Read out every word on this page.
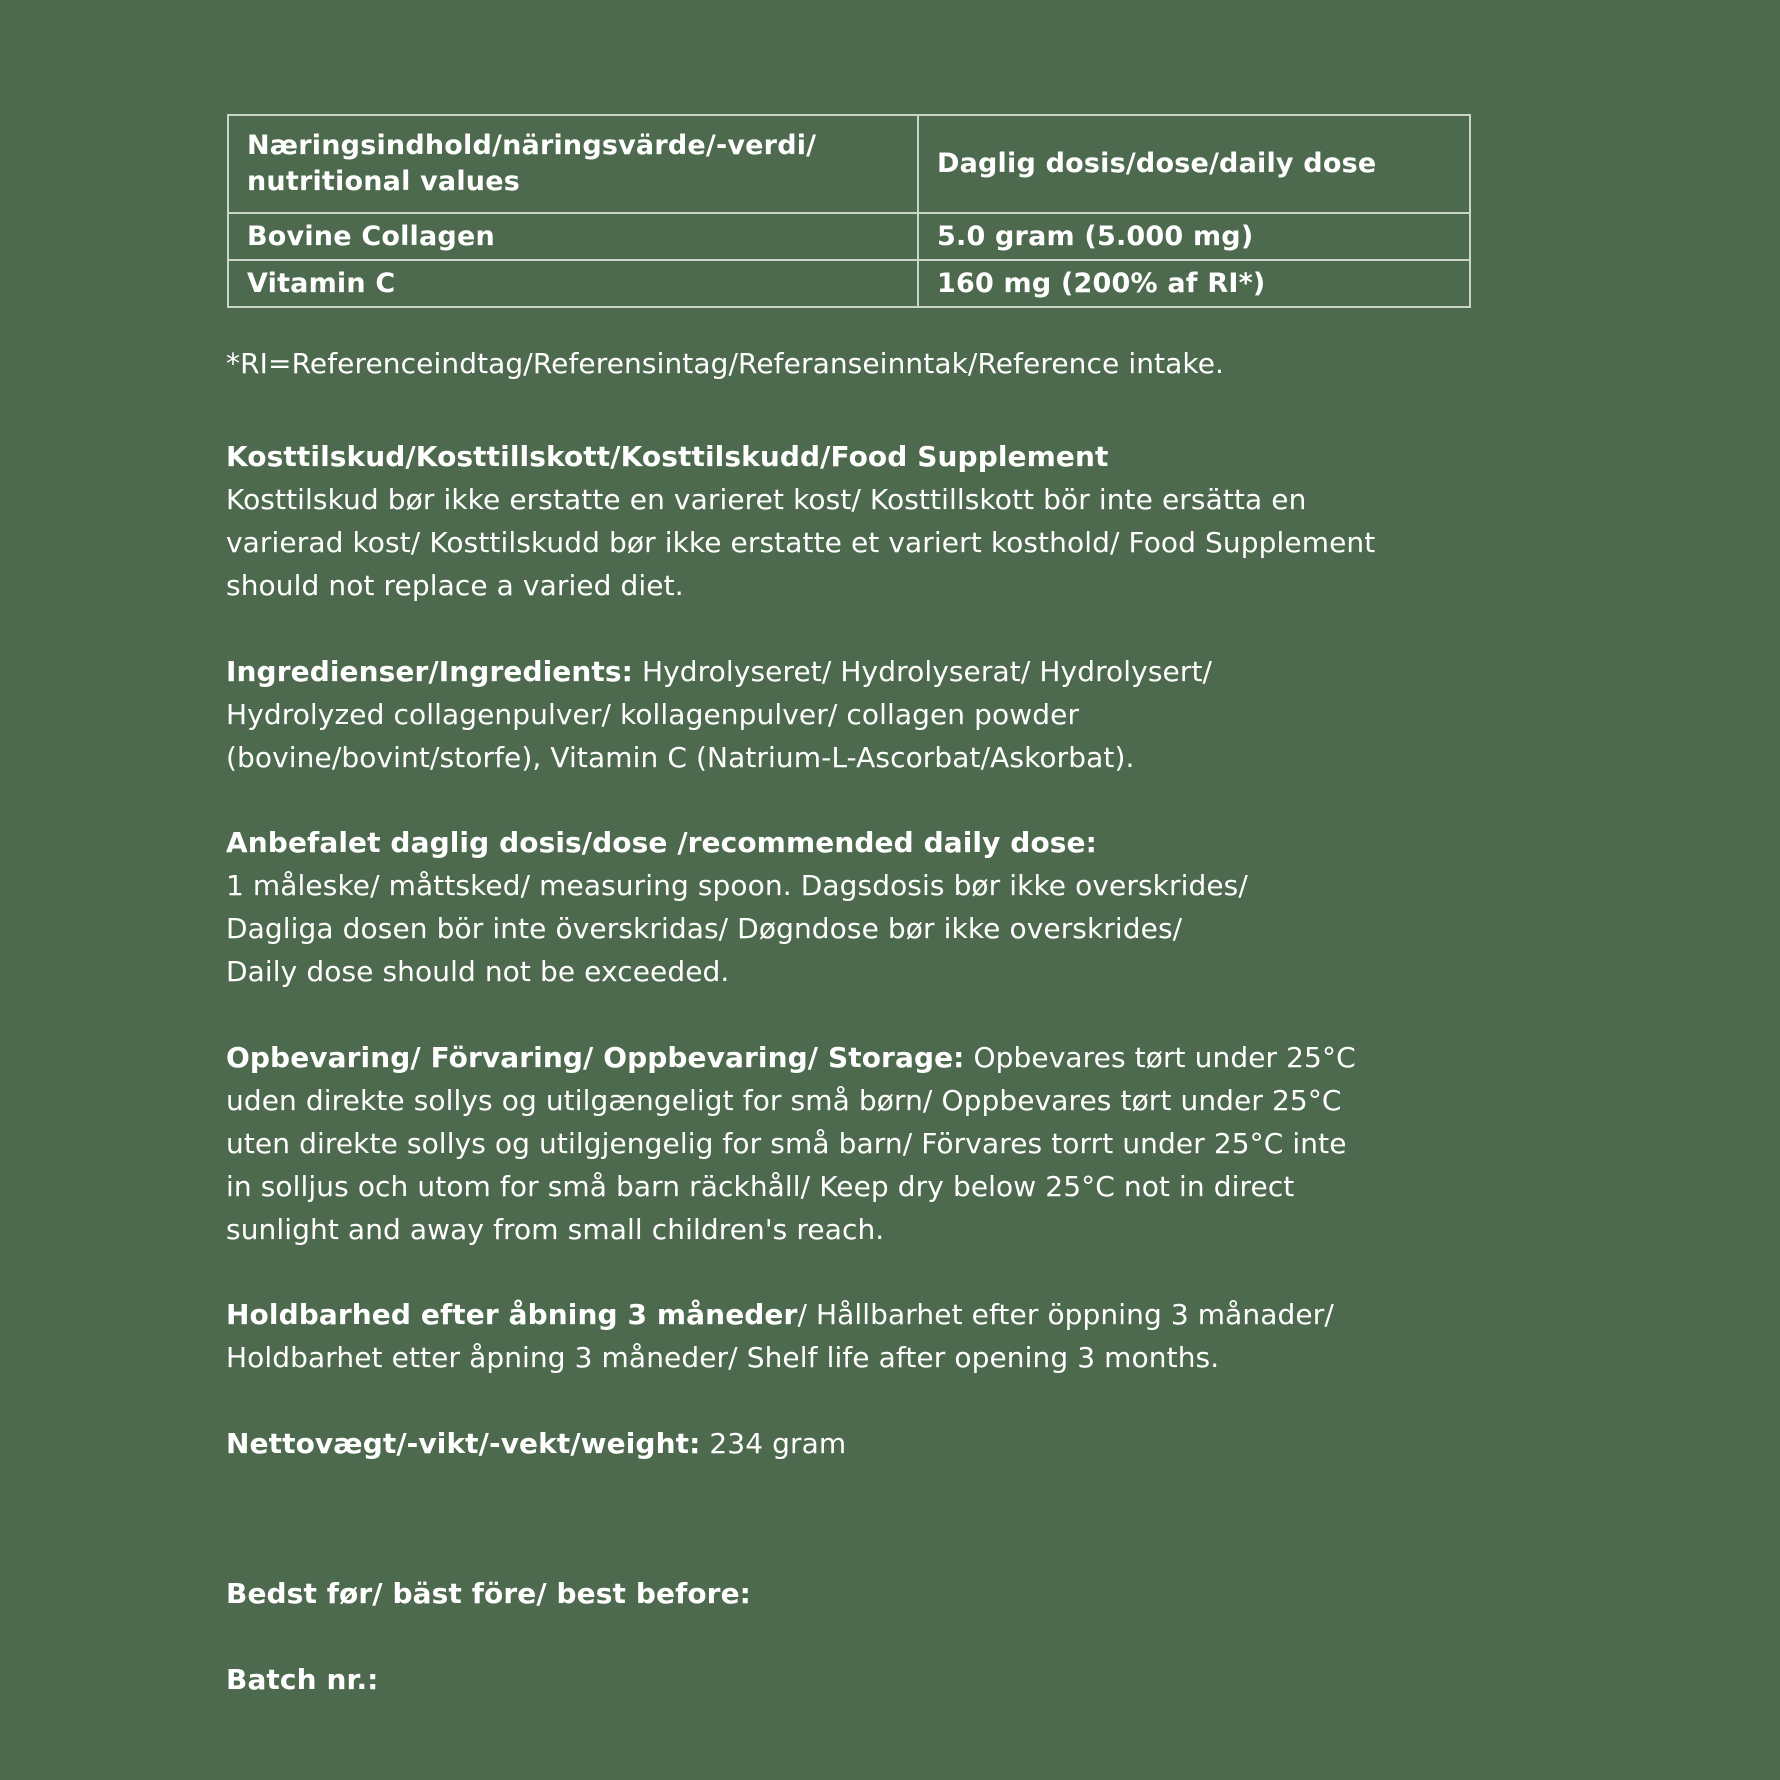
Næringsindhold/näringsvärde/-verdi/
nutritional values	Daglig dosis/dose/daily dose
Bovine Collagen	5.0 gram (5.000 mg)
Vitamin C	160 mg (200% af RI*)
*RI=Referenceindtag/Referensintag/Referanseinntak/Reference intake.
Kosttilskud/Kosttillskott/Kosttilskudd/Food Supplement
Kosttilskud bør ikke erstatte en varieret kost/ Kosttillskott bör inte ersätta en
varierad kost/ Kosttilskudd bør ikke erstatte et variert kosthold/ Food Supplement
should not replace a varied diet.
Ingredienser/Ingredients: Hydrolyseret/ Hydrolyserat/ Hydrolysert/
Hydrolyzed collagenpulver/ kollagenpulver/ collagen powder
(bovine/bovint/storfe), Vitamin C (Natrium-L-Ascorbat/Askorbat).
Anbefalet daglig dosis/dose /recommended daily dose:
1 måleske/ måttsked/ measuring spoon. Dagsdosis bør ikke overskrides/
Dagliga dosen bör inte överskridas/ Døgndose bør ikke overskrides/
Daily dose should not be exceeded.
Opbevaring/ Förvaring/ Oppbevaring/ Storage: Opbevares tørt under 25°C
uden direkte sollys og utilgængeligt for små børn/ Oppbevares tørt under 25°C
uten direkte sollys og utilgjengelig for små barn/ Förvares torrt under 25°C inte
in solljus och utom for små barn räckhåll/ Keep dry below 25°C not in direct
sunlight and away from small children's reach.
Holdbarhed efter åbning 3 måneder/ Hållbarhet efter öppning 3 månader/
Holdbarhet etter åpning 3 måneder/ Shelf life after opening 3 months.
Nettovægt/-vikt/-vekt/weight: 234 gram
Bedst før/ bäst före/ best before:
Batch nr.:
